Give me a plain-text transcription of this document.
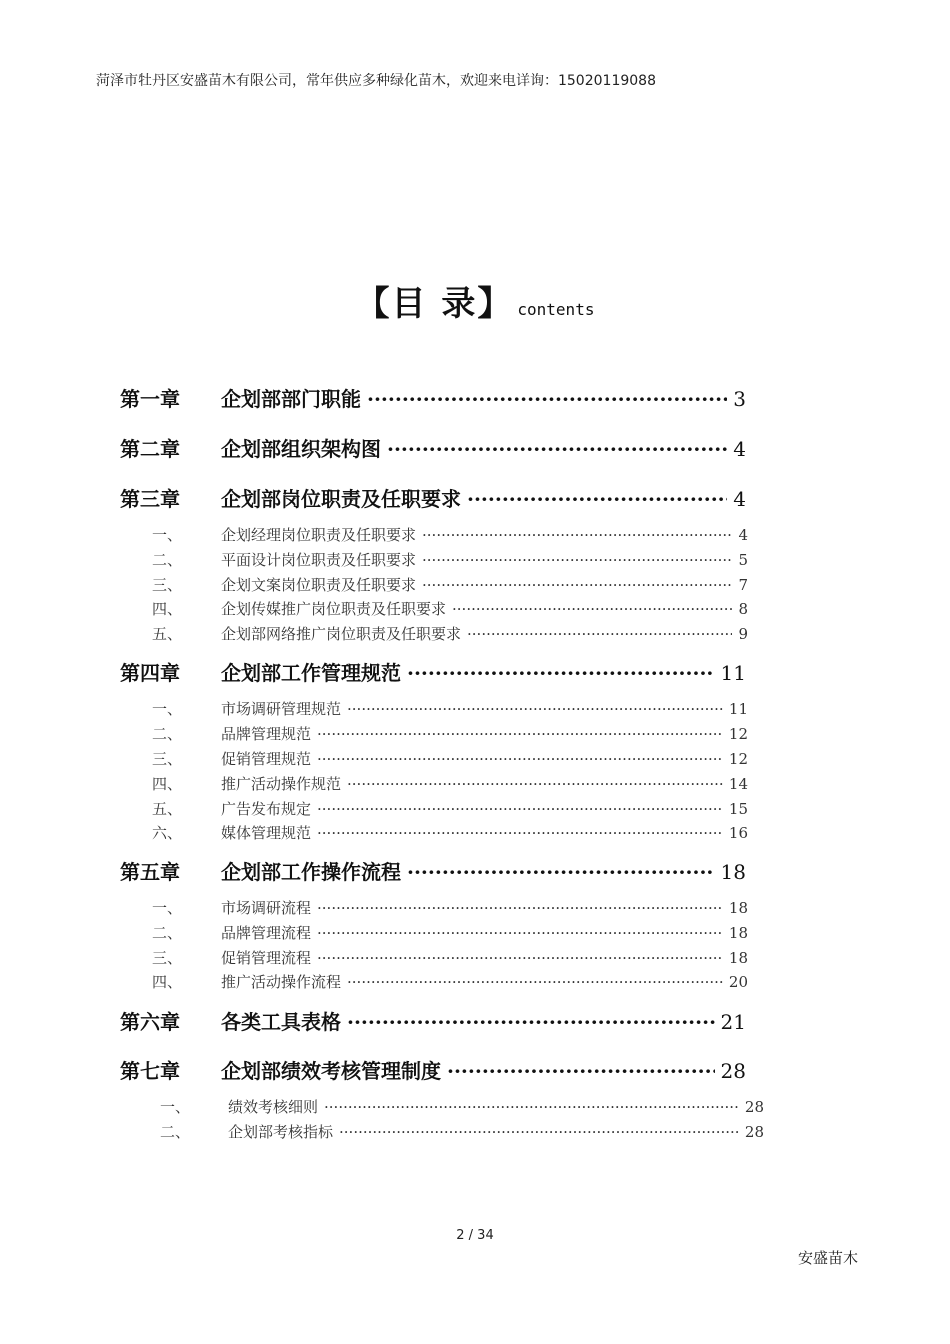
菏泽市牡丹区安盛苗木有限公司，常年供应多种绿化苗木，欢迎来电详询：15020119088
【目 录】 contents
第一章	企划部部门职能 ·····	3
第二章	企划部组织架构图 ·····	4
第三章	企划部岗位职责及任职要求 ·····	4
一、	企划经理岗位职责及任职要求 ·····	4
二、	平面设计岗位职责及任职要求 ·····	5
三、	企划文案岗位职责及任职要求 ·····	7
四、	企划传媒推广岗位职责及任职要求 ·····	8
五、	企划部网络推广岗位职责及任职要求 ·····	9
第四章	企划部工作管理规范 ·····	11
一、	市场调研管理规范 ·····	11
二、	品牌管理规范 ·····	12
三、	促销管理规范 ·····	12
四、	推广活动操作规范 ·····	14
五、	广告发布规定 ·····	15
六、	媒体管理规范 ·····	16
第五章	企划部工作操作流程 ·····	18
一、	市场调研流程 ·····	18
二、	品牌管理流程 ·····	18
三、	促销管理流程 ·····	18
四、	推广活动操作流程 ·····	20
第六章	各类工具表格 ·····	21
第七章	企划部绩效考核管理制度 ·····	28
一、	绩效考核细则 ·····	28
二、	企划部考核指标 ·····	28
2 / 34
安盛苗木
